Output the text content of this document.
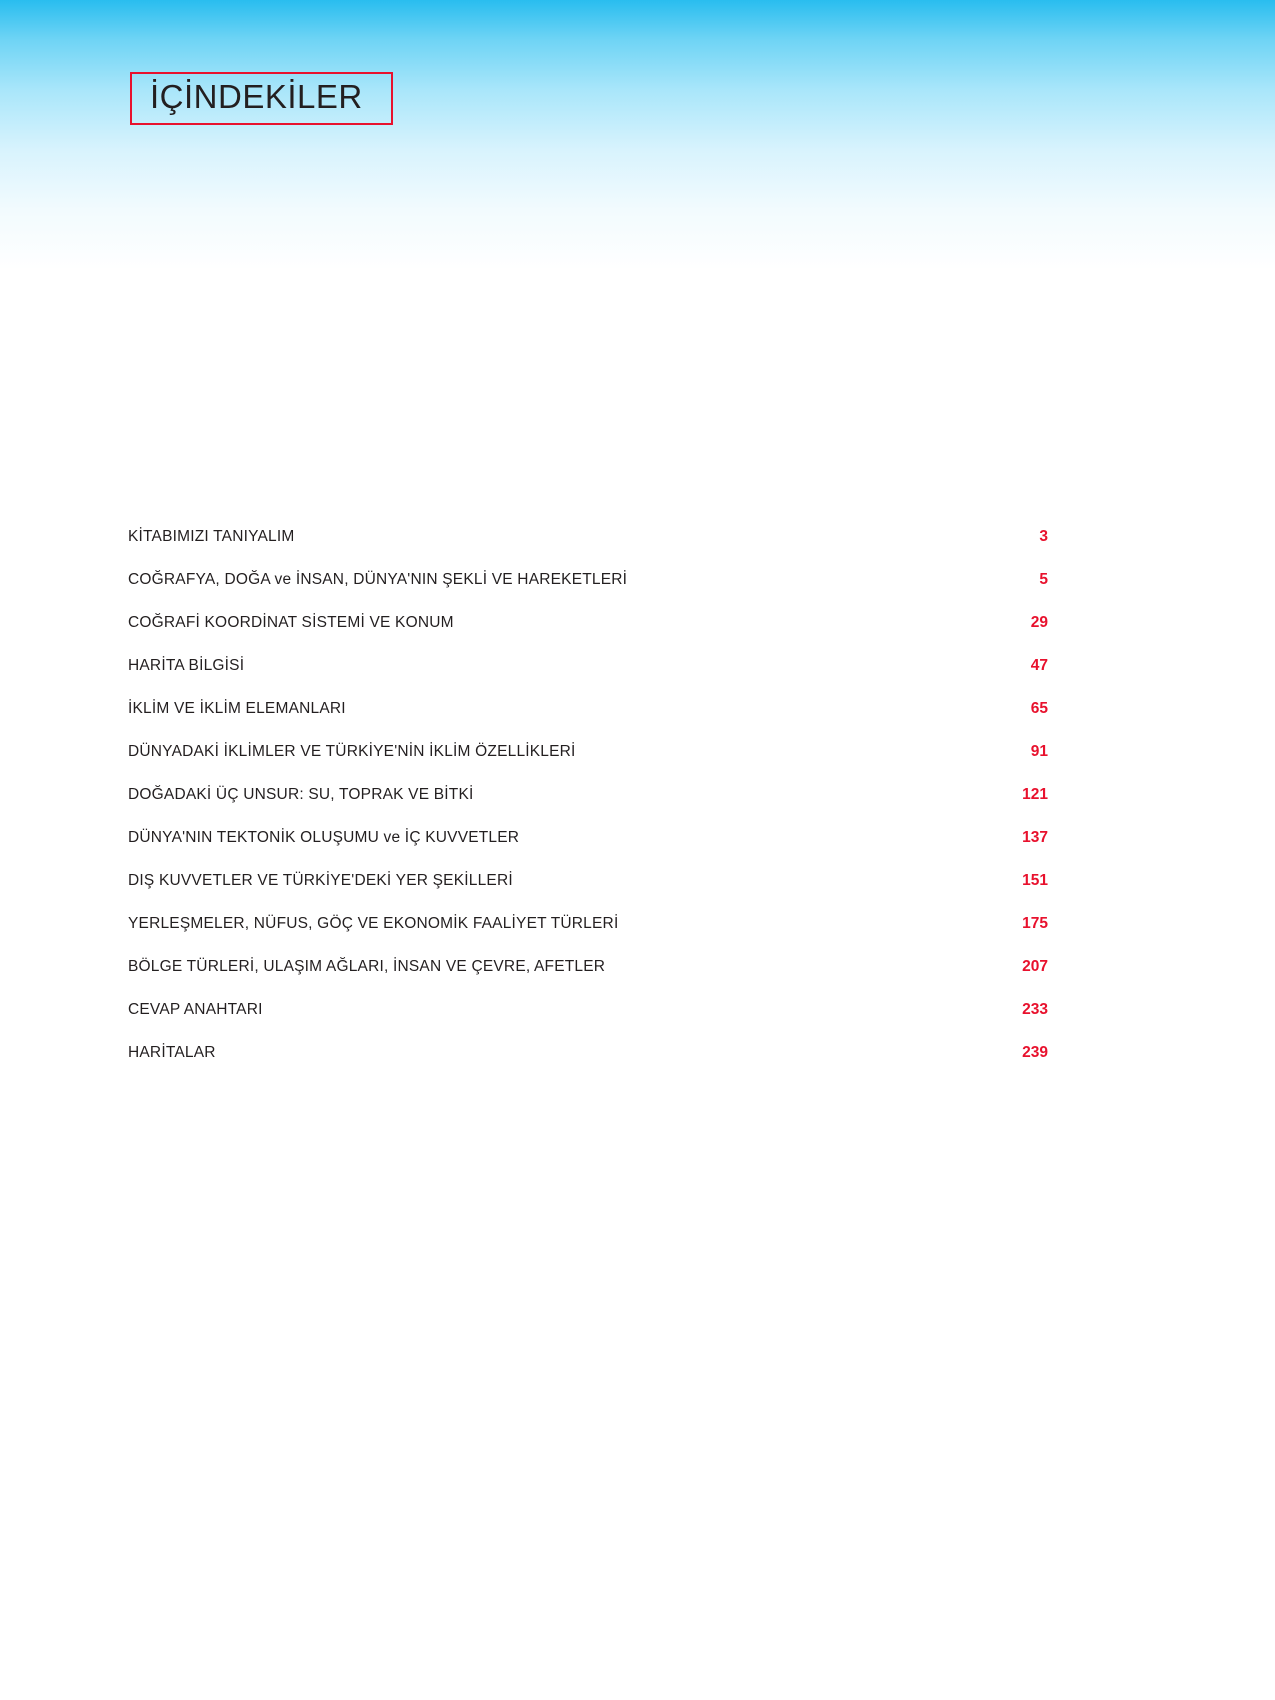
İÇİNDEKİLER
KİTABIMIZI TANIYALIM .....	3
COĞRAFYA, DOĞA ve İNSAN, DÜNYA'NIN ŞEKLİ VE HAREKETLERİ .....	5
COĞRAFİ KOORDİNAT SİSTEMİ VE KONUM .....	29
HARİTA BİLGİSİ .....	47
İKLİM VE İKLİM ELEMANLARI .....	65
DÜNYADAKİ İKLİMLER VE TÜRKİYE'NİN İKLİM ÖZELLİKLERİ .....	91
DOĞADAKİ ÜÇ UNSUR: SU, TOPRAK VE BİTKİ .....	121
DÜNYA'NIN TEKTONİK OLUŞUMU ve İÇ KUVVETLER .....	137
DIŞ KUVVETLER VE TÜRKİYE'DEKİ YER ŞEKİLLERİ .....	151
YERLEŞMELER, NÜFUS, GÖÇ VE EKONOMİK FAALİYET TÜRLERİ .....	175
BÖLGE TÜRLERİ, ULAŞIM AĞLARI, İNSAN VE ÇEVRE, AFETLER .....	207
CEVAP ANAHTARI .....	233
HARİTALAR .....	239
